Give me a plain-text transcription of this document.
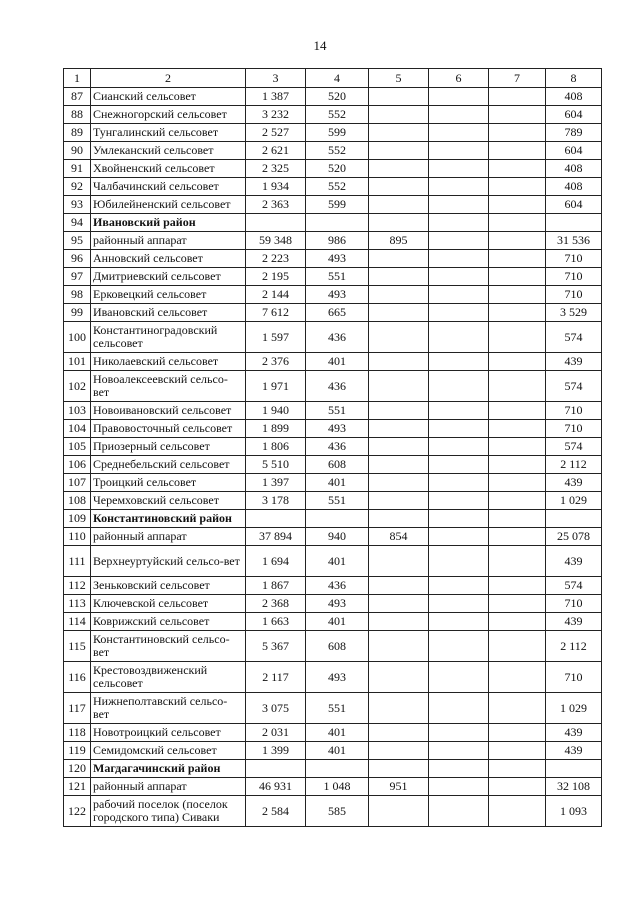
14
1	2	3	4	5	6	7	8
87	Сианский сельсовет	1 387	520				408
88	Снежногорский сельсовет	3 232	552				604
89	Тунгалинский сельсовет	2 527	599				789
90	Умлеканский сельсовет	2 621	552				604
91	Хвойненский сельсовет	2 325	520				408
92	Чалбачинский сельсовет	1 934	552				408
93	Юбилейненский сельсовет	2 363	599				604
94	Ивановский район						
95	районный аппарат	59 348	986	895			31 536
96	Анновский сельсовет	2 223	493				710
97	Дмитриевский сельсовет	2 195	551				710
98	Ерковецкий сельсовет	2 144	493				710
99	Ивановский сельсовет	7 612	665				3 529
100	Константиноградовский сельсовет	1 597	436				574
101	Николаевский сельсовет	2 376	401				439
102	Новоалексеевский сельсо-вет	1 971	436				574
103	Новоивановский сельсовет	1 940	551				710
104	Правовосточный сельсовет	1 899	493				710
105	Приозерный сельсовет	1 806	436				574
106	Среднебельский сельсовет	5 510	608				2 112
107	Троицкий сельсовет	1 397	401				439
108	Черемховский сельсовет	3 178	551				1 029
109	Константиновский район						
110	районный аппарат	37 894	940	854			25 078
111	Верхнеуртуйский сельсо-вет	1 694	401				439
112	Зеньковский сельсовет	1 867	436				574
113	Ключевской сельсовет	2 368	493				710
114	Коврижский сельсовет	1 663	401				439
115	Константиновский сельсо-вет	5 367	608				2 112
116	Крестовоздвиженский сельсовет	2 117	493				710
117	Нижнеполтавский сельсо-вет	3 075	551				1 029
118	Новотроицкий сельсовет	2 031	401				439
119	Семидомский сельсовет	1 399	401				439
120	Магдагачинский район						
121	районный аппарат	46 931	1 048	951			32 108
122	рабочий поселок (поселок городского типа) Сиваки	2 584	585				1 093
